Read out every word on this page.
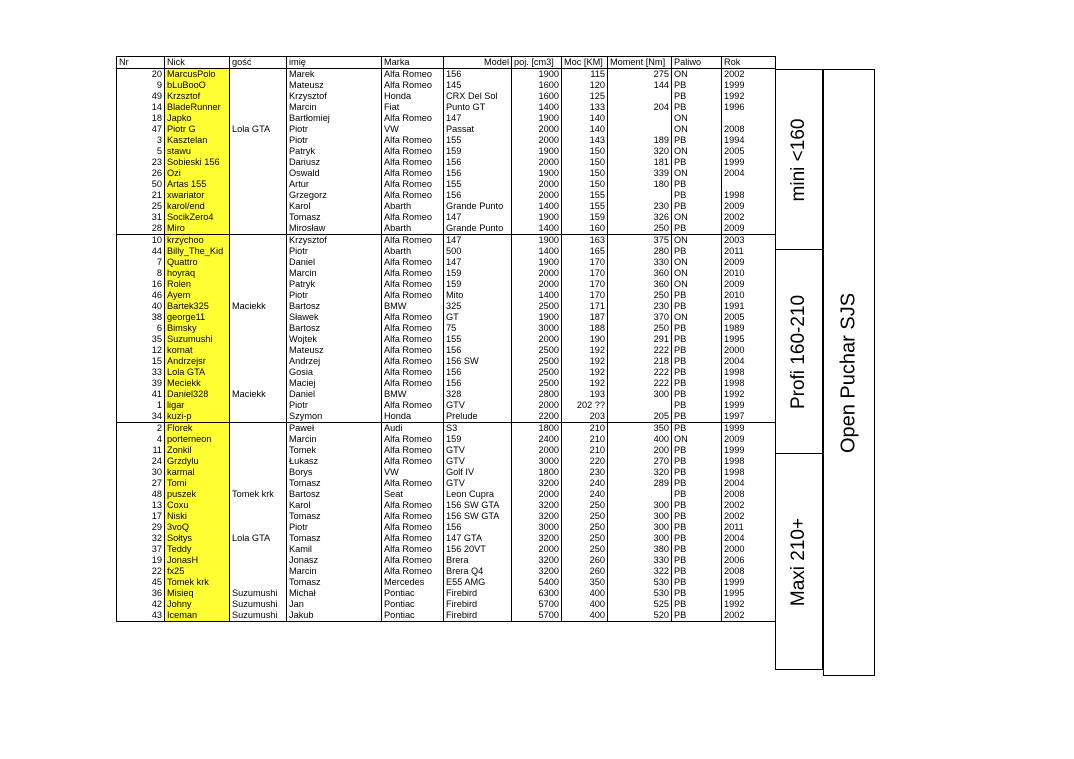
Nr	Nick	gość	imię	Marka	Model	poj. [cm3]	Moc [KM]	Moment [Nm]	Paliwo	Rok
20	MarcusPolo		Marek	Alfa Romeo	156	1900	115	275	ON	2002
9	bLuBooO		Mateusz	Alfa Romeo	145	1600	120	144	PB	1999
49	Krzsztof		Krzysztof	Honda	CRX Del Sol	1600	125		PB	1992
14	BladeRunner		Marcin	Fiat	Punto GT	1400	133	204	PB	1996
18	Japko		Bartłomiej	Alfa Romeo	147	1900	140		ON	
47	Piotr G	Lola GTA	Piotr	VW	Passat	2000	140		ON	2008
3	Kasztelan		Piotr	Alfa Romeo	155	2000	143	189	PB	1994
5	stawu		Patryk	Alfa Romeo	159	1900	150	320	ON	2005
23	Sobieski 156		Dariusz	Alfa Romeo	156	2000	150	181	PB	1999
26	Ozi		Oswald	Alfa Romeo	156	1900	150	339	ON	2004
50	Artas 155		Artur	Alfa Romeo	155	2000	150	180	PB	
21	xwariator		Grzegorz	Alfa Romeo	156	2000	155		PB	1998
25	karol/end		Karol	Abarth	Grande Punto	1400	155	230	PB	2009
31	SocikZero4		Tomasz	Alfa Romeo	147	1900	159	326	ON	2002
28	Miro		Mirosław	Abarth	Grande Punto	1400	160	250	PB	2009
10	krzychoo		Krzysztof	Alfa Romeo	147	1900	163	375	ON	2003
44	Billy_The_Kid		Piotr	Abarth	500	1400	165	280	PB	2011
7	Quattro		Daniel	Alfa Romeo	147	1900	170	330	ON	2009
8	hoyraq		Marcin	Alfa Romeo	159	2000	170	360	ON	2010
16	Rolen		Patryk	Alfa Romeo	159	2000	170	360	ON	2009
46	Ayem		Piotr	Alfa Romeo	Mito	1400	170	250	PB	2010
40	Bartek325	Maciekk	Bartosz	BMW	325	2500	171	230	PB	1991
38	george11		Sławek	Alfa Romeo	GT	1900	187	370	ON	2005
6	Bimsky		Bartosz	Alfa Romeo	75	3000	188	250	PB	1989
35	Suzumushi		Wojtek	Alfa Romeo	155	2000	190	291	PB	1995
12	kornat		Mateusz	Alfa Romeo	156	2500	192	222	PB	2000
15	Andrzejsr		Andrzej	Alfa Romeo	156 SW	2500	192	218	PB	2004
33	Lola GTA		Gosia	Alfa Romeo	156	2500	192	222	PB	1998
39	Meciekk		Maciej	Alfa Romeo	156	2500	192	222	PB	1998
41	Daniel328	Maciekk	Daniel	BMW	328	2800	193	300	PB	1992
1	ligar		Piotr	Alfa Romeo	GTV	2000	202 ??		PB	1999
34	kuzi-p		Szymon	Honda	Prelude	2200	203	205	PB	1997
2	Florek		Paweł	Audi	S3	1800	210	350	PB	1999
4	porterneon		Marcin	Alfa Romeo	159	2400	210	400	ON	2009
11	Zonkil		Tomek	Alfa Romeo	GTV	2000	210	200	PB	1999
24	Grzdylu		Łukasz	Alfa Romeo	GTV	3000	220	270	PB	1998
30	karmal		Borys	VW	Golf IV	1800	230	320	PB	1998
27	Tomi		Tomasz	Alfa Romeo	GTV	3200	240	289	PB	2004
48	puszek	Tomek krk	Bartosz	Seat	Leon Cupra	2000	240		PB	2008
13	Coxu		Karol	Alfa Romeo	156 SW GTA	3200	250	300	PB	2002
17	Niski		Tomasz	Alfa Romeo	156 SW GTA	3200	250	300	PB	2002
29	3voQ		Piotr	Alfa Romeo	156	3000	250	300	PB	2011
32	Sołtys	Lola GTA	Tomasz	Alfa Romeo	147 GTA	3200	250	300	PB	2004
37	Teddy		Kamil	Alfa Romeo	156 20VT	2000	250	380	PB	2000
19	JonasH		Jonasz	Alfa Romeo	Brera	3200	260	330	PB	2006
22	fx25		Marcin	Alfa Romeo	Brera Q4	3200	260	322	PB	2008
45	Tomek krk		Tomasz	Mercedes	E55 AMG	5400	350	530	PB	1999
36	Misieq	Suzumushi	Michał	Pontiac	Firebird	6300	400	530	PB	1995
42	Johny	Suzumushi	Jan	Pontiac	Firebird	5700	400	525	PB	1992
43	Iceman	Suzumushi	Jakub	Pontiac	Firebird	5700	400	520	PB	2002
mini <160
Profi 160-210
Maxi 210+
Open Puchar SJS
